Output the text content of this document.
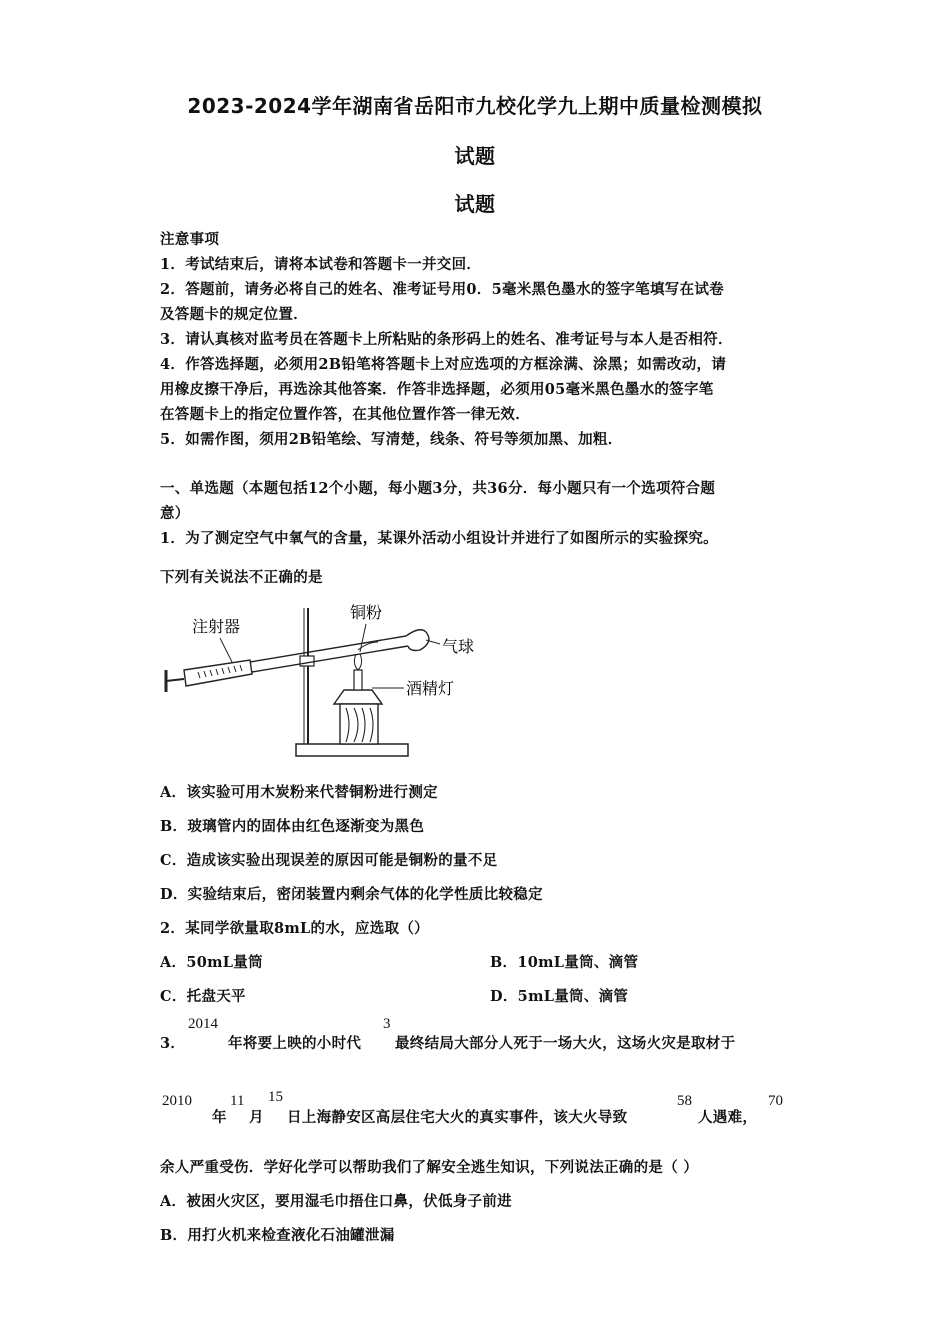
2023-2024学年湖南省岳阳市九校化学九上期中质量检测模拟
试题
试题
注意事项
1．考试结束后，请将本试卷和答题卡一并交回．
2．答题前，请务必将自己的姓名、准考证号用0．5毫米黑色墨水的签字笔填写在试卷
及答题卡的规定位置．
3．请认真核对监考员在答题卡上所粘贴的条形码上的姓名、准考证号与本人是否相符．
4．作答选择题，必须用2B铅笔将答题卡上对应选项的方框涂满、涂黑；如需改动，请
用橡皮擦干净后，再选涂其他答案．作答非选择题，必须用05毫米黑色墨水的签字笔
在答题卡上的指定位置作答，在其他位置作答一律无效．
5．如需作图，须用2B铅笔绘、写清楚，线条、符号等须加黑、加粗．
一、单选题（本题包括12个小题，每小题3分，共36分．每小题只有一个选项符合题
意）
1．为了测定空气中氧气的含量，某课外活动小组设计并进行了如图所示的实验探究。
下列有关说法不正确的是
注射器
铜粉
气球
酒精灯
A．该实验可用木炭粉来代替铜粉进行测定
B．玻璃管内的固体由红色逐渐变为黑色
C．造成该实验出现误差的原因可能是铜粉的量不足
D．实验结束后，密闭装置内剩余气体的化学性质比较稳定
2．某同学欲量取8mL的水，应选取（）
A．50mL量筒	B．10mL量筒、滴管
C．托盘天平	D．5mL量筒、滴管
3．
2014
年将要上映的小时代
3
最终结局大部分人死于一场大火，这场火灾是取材于
2010
年
11
月
15
日上海静安区高层住宅大火的真实事件，该大火导致
58
人遇难，
70
余人严重受伤．学好化学可以帮助我们了解安全逃生知识，下列说法正确的是（ ）
A．被困火灾区，要用湿毛巾捂住口鼻，伏低身子前进
B．用打火机来检查液化石油罐泄漏
